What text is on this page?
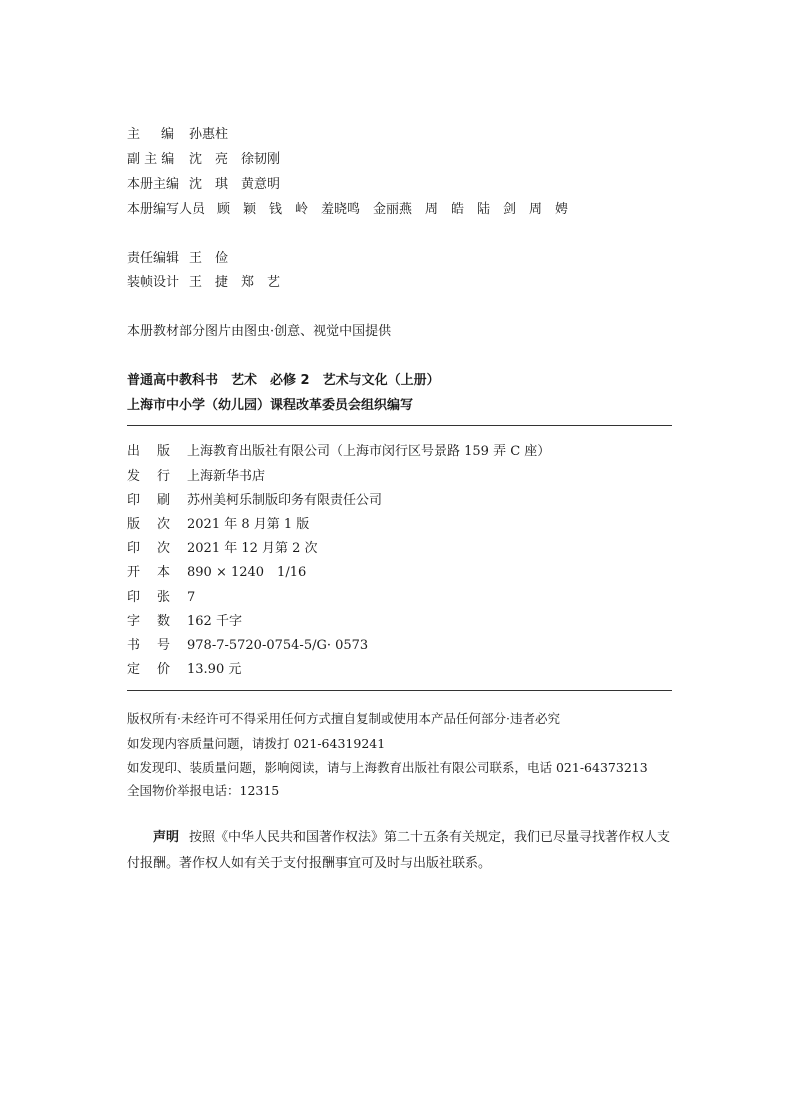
主 编 孙惠柱
副 主 编 沈　亮　徐韧刚
本册主编 沈　琪　黄意明
本册编写人员 顾　颖　钱　岭　羞晓鸣　金丽燕　周　皓　陆　剑　周　娉
责任编辑 王　俭
装帧设计 王　捷　郑　艺
本册教材部分图片由图虫·创意、视觉中国提供
普通高中教科书　艺术　必修 2　艺术与文化（上册）
上海市中小学（幼儿园）课程改革委员会组织编写
出 版 上海教育出版社有限公司（上海市闵行区号景路 159 弄 C 座）
发 行 上海新华书店
印 刷 苏州美柯乐制版印务有限责任公司
版 次 2021 年 8 月第 1 版
印 次 2021 年 12 月第 2 次
开 本 890 × 1240　1/16
印 张 7
字 数 162 千字
书 号 978-7-5720-0754-5/G· 0573
定 价 13.90 元
版权所有·未经许可不得采用任何方式擅自复制或使用本产品任何部分·违者必究
如发现内容质量问题，请拨打 021-64319241
如发现印、装质量问题，影响阅读，请与上海教育出版社有限公司联系，电话 021-64373213
全国物价举报电话：12315
声明 按照《中华人民共和国著作权法》第二十五条有关规定，我们已尽量寻找著作权人支付报酬。著作权人如有关于支付报酬事宜可及时与出版社联系。
